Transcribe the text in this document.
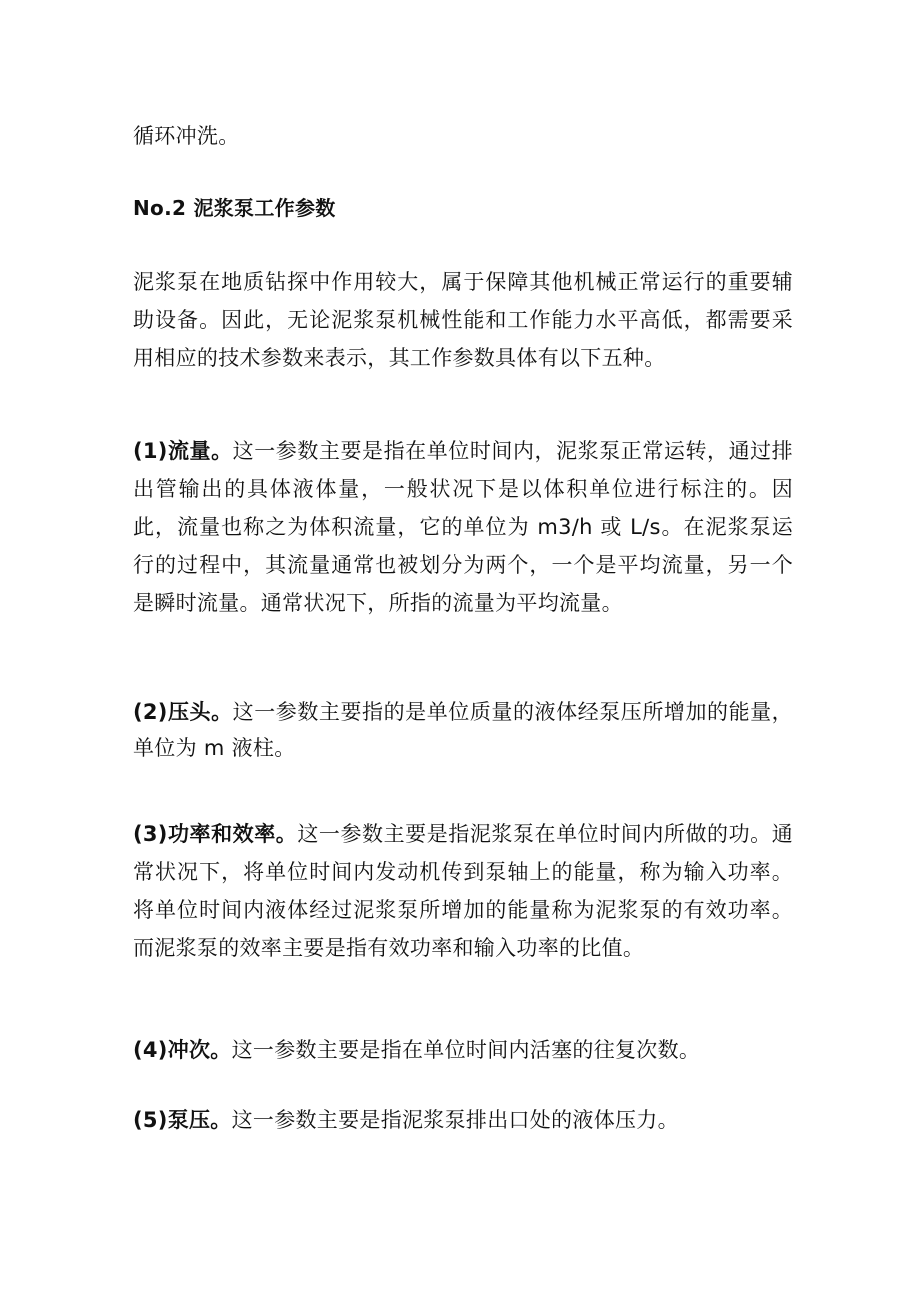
循环冲洗。

No.2 泥浆泵工作参数

泥浆泵在地质钻探中作用较大，属于保障其他机械正常运行的重要辅助设备。因此，无论泥浆泵机械性能和工作能力水平高低，都需要采用相应的技术参数来表示，其工作参数具体有以下五种。

(1)流量。这一参数主要是指在单位时间内，泥浆泵正常运转，通过排出管输出的具体液体量，一般状况下是以体积单位进行标注的。因此，流量也称之为体积流量，它的单位为 m3∕h 或 L∕s。在泥浆泵运行的过程中，其流量通常也被划分为两个，一个是平均流量，另一个是瞬时流量。通常状况下，所指的流量为平均流量。

(2)压头。这一参数主要指的是单位质量的液体经泵压所增加的能量，单位为 m 液柱。

(3)功率和效率。这一参数主要是指泥浆泵在单位时间内所做的功。通常状况下，将单位时间内发动机传到泵轴上的能量，称为输入功率。将单位时间内液体经过泥浆泵所增加的能量称为泥浆泵的有效功率。而泥浆泵的效率主要是指有效功率和输入功率的比值。

(4)冲次。这一参数主要是指在单位时间内活塞的往复次数。

(5)泵压。这一参数主要是指泥浆泵排出口处的液体压力。
